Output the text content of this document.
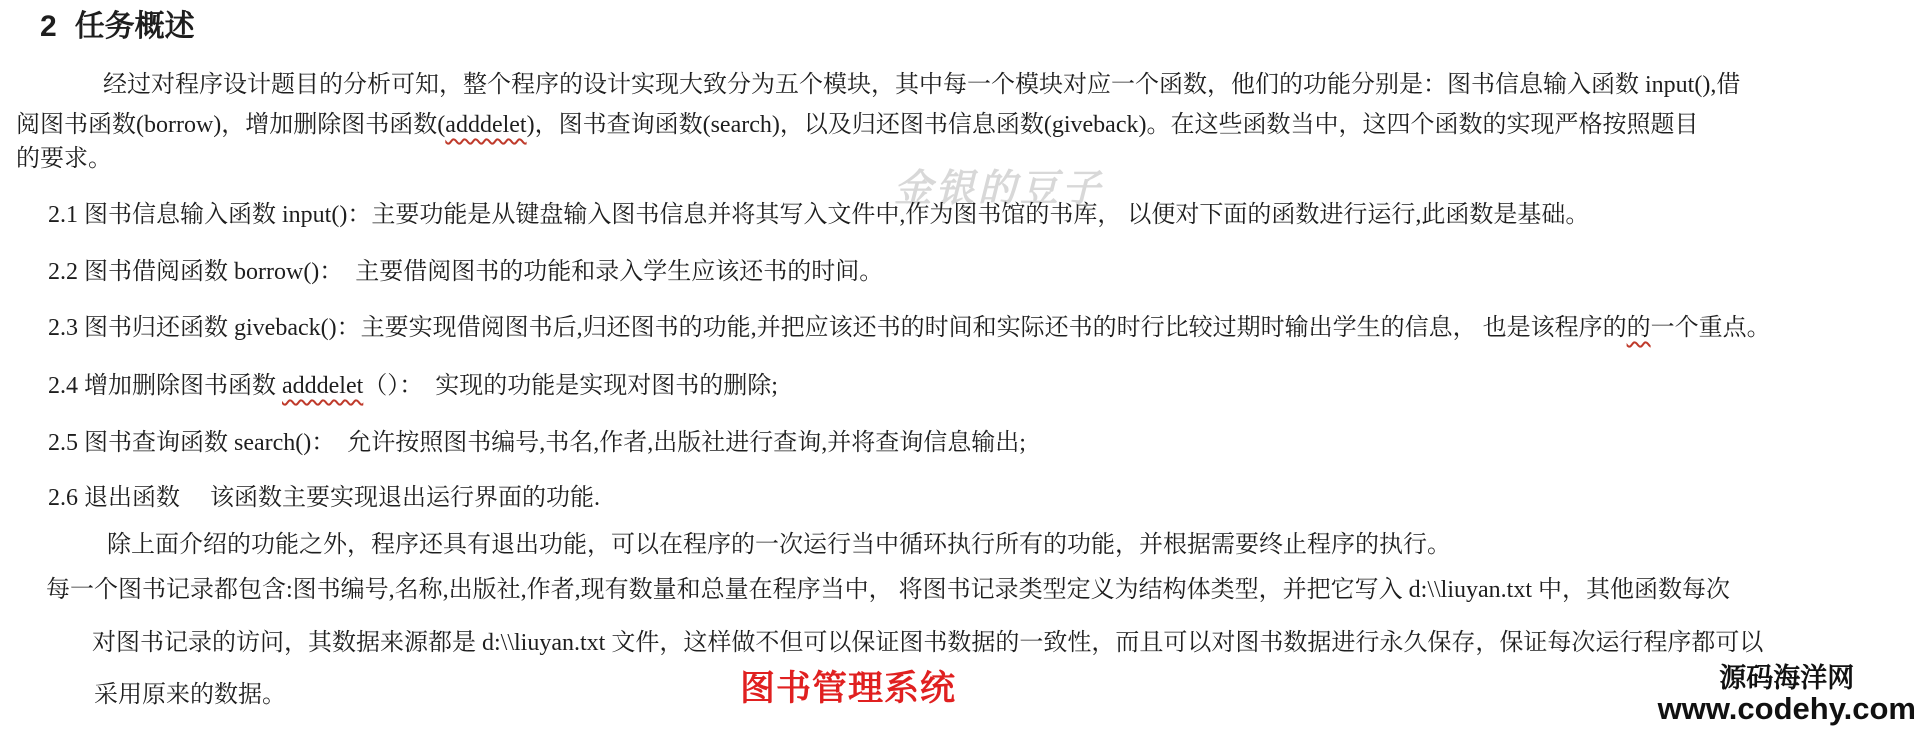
金银的豆子
2 任务概述
经过对程序设计题目的分析可知，整个程序的设计实现大致分为五个模块，其中每一个模块对应一个函数，他们的功能分别是：图书信息输入函数 input(),借
阅图书函数(borrow)，增加删除图书函数(adddelet)，图书查询函数(search)，以及归还图书信息函数(giveback)。在这些函数当中，这四个函数的实现严格按照题目
的要求。
2.1 图书信息输入函数 input()：主要功能是从键盘输入图书信息并将其写入文件中,作为图书馆的书库， 以便对下面的函数进行运行,此函数是基础。
2.2 图书借阅函数 borrow()：  主要借阅图书的功能和录入学生应该还书的时间。
2.3 图书归还函数 giveback()：主要实现借阅图书后,归还图书的功能,并把应该还书的时间和实际还书的时行比较过期时输出学生的信息， 也是该程序的的一个重点。
2.4 增加删除图书函数 adddelet（）：  实现的功能是实现对图书的删除;
2.5 图书查询函数 search()：  允许按照图书编号,书名,作者,出版社进行查询,并将查询信息输出;
2.6 退出函数     该函数主要实现退出运行界面的功能.
除上面介绍的功能之外，程序还具有退出功能，可以在程序的一次运行当中循环执行所有的功能，并根据需要终止程序的执行。
每一个图书记录都包含:图书编号,名称,出版社,作者,现有数量和总量在程序当中， 将图书记录类型定义为结构体类型，并把它写入 d:\\liuyan.txt 中，其他函数每次
对图书记录的访问，其数据来源都是 d:\\liuyan.txt 文件，这样做不但可以保证图书数据的一致性，而且可以对图书数据进行永久保存，保证每次运行程序都可以
采用原来的数据。	图书管理系统	源码海洋网
www.codehy.com
